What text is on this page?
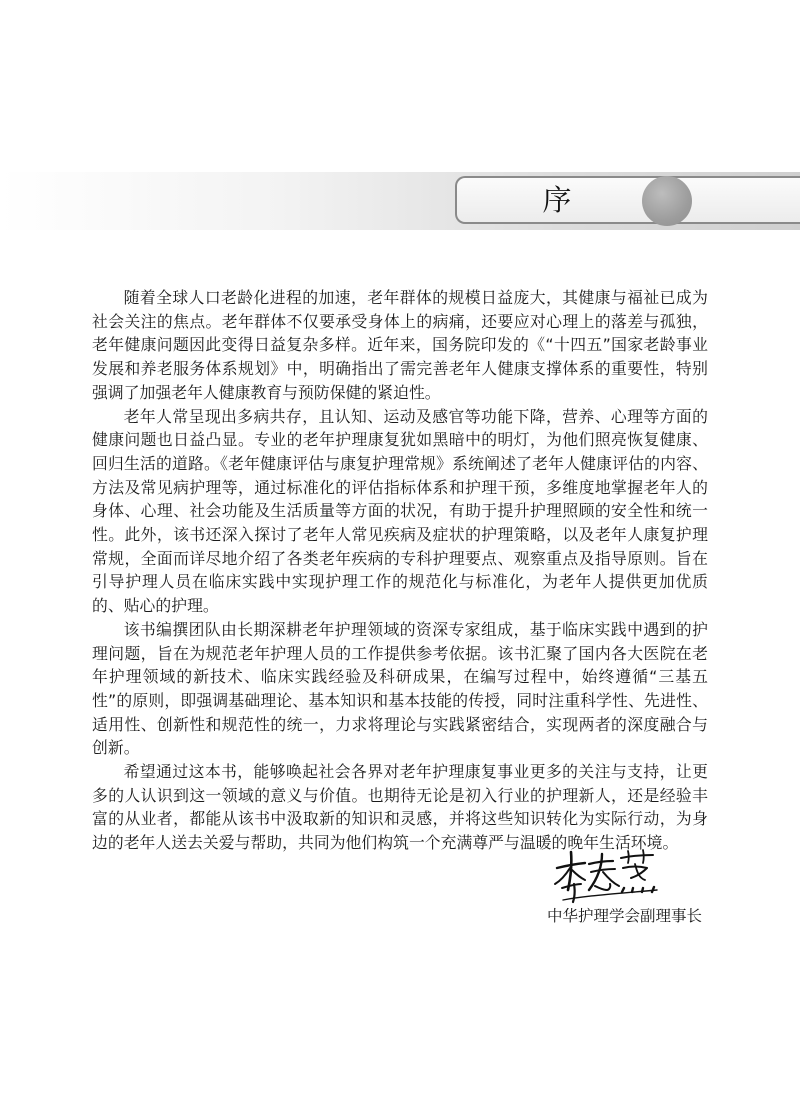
序

随着全球人口老龄化进程的加速，老年群体的规模日益庞大，其健康与福祉已成为社会关注的焦点。老年群体不仅要承受身体上的病痛，还要应对心理上的落差与孤独，老年健康问题因此变得日益复杂多样。近年来，国务院印发的《“十四五”国家老龄事业发展和养老服务体系规划》中，明确指出了需完善老年人健康支撑体系的重要性，特别强调了加强老年人健康教育与预防保健的紧迫性。

老年人常呈现出多病共存，且认知、运动及感官等功能下降，营养、心理等方面的健康问题也日益凸显。专业的老年护理康复犹如黑暗中的明灯，为他们照亮恢复健康、回归生活的道路。《老年健康评估与康复护理常规》系统阐述了老年人健康评估的内容、方法及常见病护理等，通过标准化的评估指标体系和护理干预，多维度地掌握老年人的身体、心理、社会功能及生活质量等方面的状况，有助于提升护理照顾的安全性和统一性。此外，该书还深入探讨了老年人常见疾病及症状的护理策略，以及老年人康复护理常规，全面而详尽地介绍了各类老年疾病的专科护理要点、观察重点及指导原则。旨在引导护理人员在临床实践中实现护理工作的规范化与标准化，为老年人提供更加优质的、贴心的护理。

该书编撰团队由长期深耕老年护理领域的资深专家组成，基于临床实践中遇到的护理问题，旨在为规范老年护理人员的工作提供参考依据。该书汇聚了国内各大医院在老年护理领域的新技术、临床实践经验及科研成果，在编写过程中，始终遵循“三基五性”的原则，即强调基础理论、基本知识和基本技能的传授，同时注重科学性、先进性、适用性、创新性和规范性的统一，力求将理论与实践紧密结合，实现两者的深度融合与创新。

希望通过这本书，能够唤起社会各界对老年护理康复事业更多的关注与支持，让更多的人认识到这一领域的意义与价值。也期待无论是初入行业的护理新人，还是经验丰富的从业者，都能从该书中汲取新的知识和灵感，并将这些知识转化为实际行动，为身边的老年人送去关爱与帮助，共同为他们构筑一个充满尊严与温暖的晚年生活环境。

中华护理学会副理事长
